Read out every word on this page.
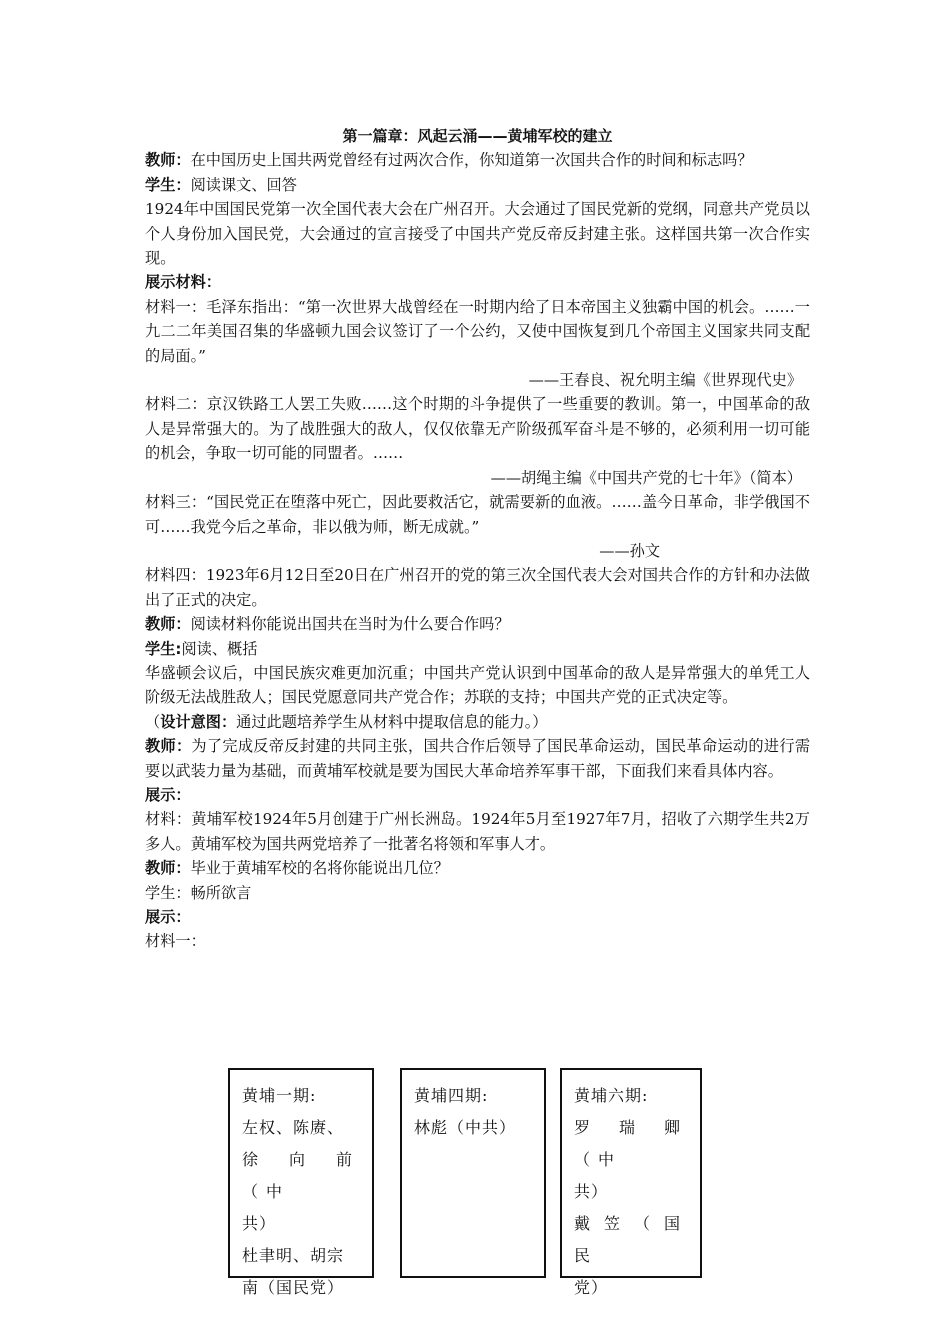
第一篇章：风起云涌——黄埔军校的建立

教师：在中国历史上国共两党曾经有过两次合作，你知道第一次国共合作的时间和标志吗？

学生：阅读课文、回答

1924年中国国民党第一次全国代表大会在广州召开。大会通过了国民党新的党纲，同意共产党员以个人身份加入国民党，大会通过的宣言接受了中国共产党反帝反封建主张。这样国共第一次合作实现。

展示材料：

材料一：毛泽东指出：“第一次世界大战曾经在一时期内给了日本帝国主义独霸中国的机会。……一九二二年美国召集的华盛顿九国会议签订了一个公约，又使中国恢复到几个帝国主义国家共同支配的局面。”

——王春良、祝允明主编《世界现代史》

材料二：京汉铁路工人罢工失败……这个时期的斗争提供了一些重要的教训。第一，中国革命的敌人是异常强大的。为了战胜强大的敌人，仅仅依靠无产阶级孤军奋斗是不够的，必须利用一切可能的机会，争取一切可能的同盟者。……

——胡绳主编《中国共产党的七十年》（简本）

材料三：“国民党正在堕落中死亡，因此要救活它，就需要新的血液。……盖今日革命，非学俄国不可……我党今后之革命，非以俄为师，断无成就。”

——孙文

材料四：1923年6月12日至20日在广州召开的党的第三次全国代表大会对国共合作的方针和办法做出了正式的决定。

教师：阅读材料你能说出国共在当时为什么要合作吗？

学生:阅读、概括

华盛顿会议后，中国民族灾难更加沉重；中国共产党认识到中国革命的敌人是异常强大的单凭工人阶级无法战胜敌人；国民党愿意同共产党合作；苏联的支持；中国共产党的正式决定等。

（设计意图：通过此题培养学生从材料中提取信息的能力。）

教师：为了完成反帝反封建的共同主张，国共合作后领导了国民革命运动，国民革命运动的进行需要以武装力量为基础，而黄埔军校就是要为国民大革命培养军事干部，下面我们来看具体内容。

展示：

材料：黄埔军校1924年5月创建于广州长洲岛。1924年5月至1927年7月，招收了六期学生共2万多人。黄埔军校为国共两党培养了一批著名将领和军事人才。

教师：毕业于黄埔军校的名将你能说出几位？

学生：畅所欲言

展示：

材料一：

黄埔一期:
左权、陈赓、
徐向前（中
共）
杜聿明、胡宗
南（国民党）
黄埔四期:
林彪（中共）
黄埔六期:
罗瑞卿（中
共）
戴笠（国民
党）
